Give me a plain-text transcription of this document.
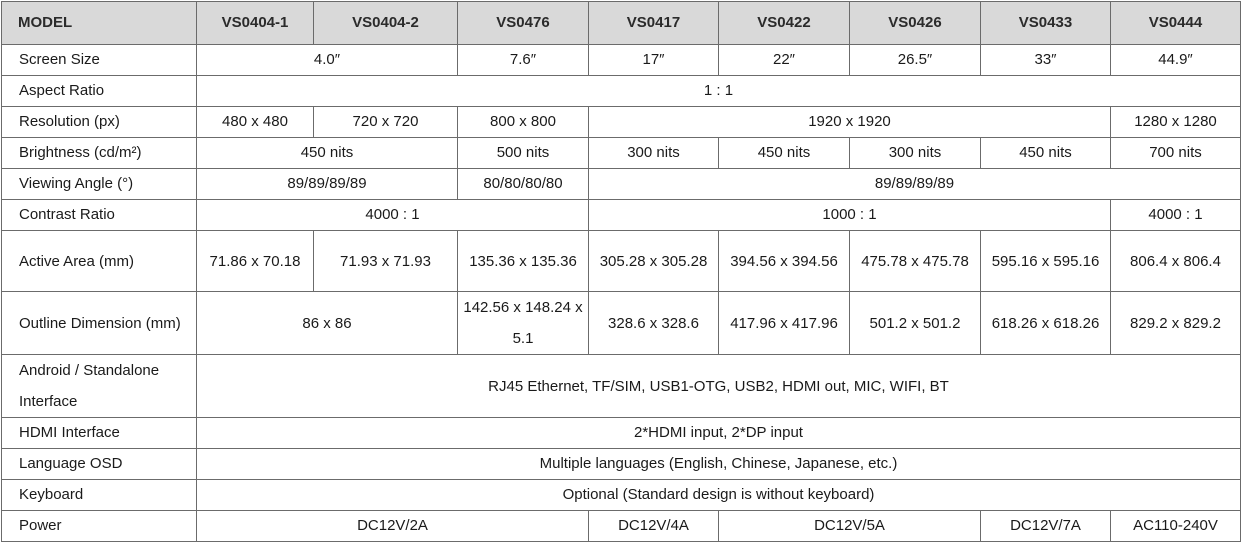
MODEL	VS0404-1	VS0404-2	VS0476	VS0417	VS0422	VS0426	VS0433	VS0444
Screen Size	4.0″		7.6″	17″	22″	26.5″	33″	44.9″
Aspect Ratio	1 : 1							
Resolution (px)	480 x 480	720 x 720	800 x 800	1920 x 1920				1280 x 1280
Brightness (cd/m²)	450 nits		500 nits	300 nits	450 nits	300 nits	450 nits	700 nits
Viewing Angle (°)	89/89/89/89		80/80/80/80	89/89/89/89				
Contrast Ratio	4000 : 1			1000 : 1				4000 : 1
Active Area (mm)	71.86 x 70.18	71.93 x 71.93	135.36 x 135.36	305.28 x 305.28	394.56 x 394.56	475.78 x 475.78	595.16 x 595.16	806.4 x 806.4
Outline Dimension (mm)	86 x 86		142.56 x 148.24 x 5.1	328.6 x 328.6	417.96 x 417.96	501.2 x 501.2	618.26 x 618.26	829.2 x 829.2
Android / Standalone Interface	RJ45 Ethernet, TF/SIM, USB1-OTG, USB2, HDMI out, MIC, WIFI, BT							
HDMI Interface	2*HDMI input, 2*DP input							
Language OSD	Multiple languages (English, Chinese, Japanese, etc.)							
Keyboard	Optional (Standard design is without keyboard)							
Power	DC12V/2A			DC12V/4A	DC12V/5A		DC12V/7A	AC110-240V
